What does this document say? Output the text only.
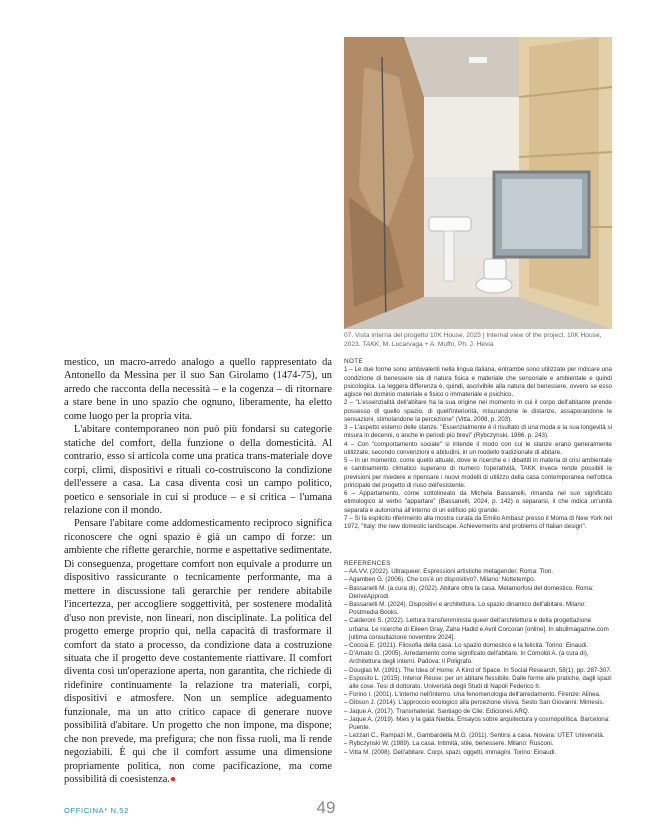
07. Vista interna del progetto 10K House, 2023 | Internal view of the project, 10K House, 2023. TAKK, M. Lucarvaga + A. Muffo, Ph. J. Hevia

mestico, un macro-arredo analogo a quello rappresentato da Antonello da Messina per il suo San Girolamo (1474-75), un arredo che racconta della necessità – e la cogenza – di ritornare a stare bene in uno spazio che ognuno, liberamente, ha eletto come luogo per la propria vita.

L'abitare contemporaneo non può più fondarsi su categorie statiche del comfort, della funzione o della domesticità. Al contrario, esso si articola come una pratica trans-materiale dove corpi, climi, dispositivi e rituali co-costruiscono la condizione dell'essere a casa. La casa diventa così un campo politico, poetico e sensoriale in cui si produce – e si critica – l'umana relazione con il mondo.

Pensare l'abitare come addomesticamento reciproco significa riconoscere che ogni spazio è già un campo di forze: un ambiente che riflette gerarchie, norme e aspettative sedimentate. Di conseguenza, progettare comfort non equivale a produrre un dispositivo rassicurante o tecnicamente performante, ma a mettere in discussione tali gerarchie per rendere abitabile l'incertezza, per accogliere soggettività, per sostenere modalità d'uso non previste, non lineari, non disciplinate. La politica del progetto emerge proprio qui, nella capacità di trasformare il comfort da stato a processo, da condizione data a costruzione situata che il progetto deve costantemente riattivare. Il comfort diventa così un'operazione aperta, non garantita, che richiede di ridefinire continuamente la relazione tra materiali, corpi, dispositivi e atmosfere. Non un semplice adeguamento funzionale, ma un atto critico capace di generare nuove possibilità d'abitare. Un progetto che non impone, ma dispone; che non prevede, ma prefigura; che non fissa ruoli, ma li rende negoziabili. È qui che il comfort assume una dimensione propriamente politica, non come pacificazione, ma come possibilità di coesistenza.●

NOTE

1 – Le due forme sono ambivalenti nella lingua italiana, entrambe sono utilizzate per indicare una condizione di benessere sia di natura fisica e materiale che sensoriale e ambientale e quindi psicologica. La leggera differenza è, quindi, ascrivibile alla natura del benessere, ovvero se esso agisce nel dominio materiale e fisico o immateriale e psichico.

2 – "L'essenzialità dell'abitare ha la sua origine nel momento in cui il corpo dell'abitante prende possesso di quello spazio, di quell'interiorità, misurandone le distanze, assaporandone le sensazioni, stimolandone la percezione" (Vitta, 2008, p. 203).

3 – L'aspetto esterno delle stanze. "Essenzialmente è il risultato di una moda e la sua longevità si misura in decenni, o anche in periodi più brevi" (Rybczynski, 1986, p. 243).

4 – Con "comportamento sociale" si intende il modo con cui le stanze erano generalmente utilizzate, secondo convenzioni e abitudini, in un modello tradizionale di abitare.

5 – In un momento, come quello attuale, dove le ricerche e i dibattiti in materia di crisi ambientale e cambiamento climatico superano di numero l'operatività, TAKK invece rende possibili le previsioni per rivedere e ripensare i nuovi modelli di utilizzo della casa contemporanea nell'ottica principale del progetto di riuso dell'esistente.

6 – Appartamento, come sottolineato da Michela Bassanelli, rimanda nel suo significato etimologico al verbo "appartare" (Bassanelli, 2024, p. 142) o separarsi, il che indica un'unità separata e autonoma all'interno di un edificio più grande.

7 – Si fa esplicito riferimento alla mostra curata da Emilio Ambasz presso il Moma di New York nel 1972, "Italy: the new domestic landscape. Achievements and problems of Italian design".

REFERENCES

– AA.VV. (2022). Ultraqueer. Espressioni artistiche metagender. Roma: Tlon.

– Agamben G. (2006). Che cos'è un dispositivo?. Milano: Nottetempo.

– Bassanelli M. (a cura di), (2022). Abitare oltre la casa. Metamorfosi del domestico. Roma: DeriveApprodi.

– Bassanelli M. (2024). Dispositivi e architettura. Lo spazio dinamico dell'abitare. Milano: Postmedia Books.

– Calderoni S. (2022). Lettura transfemminista queer dell'architettura e della progettazione urbana. Le ricerche di Eileen Gray, Zaha Hadid e Avril Corcoran [online]. In abullmagazine.com [ultima consultazione novembre 2024].

– Coccia E. (2021). Filosofia della casa. Lo spazio domestico e la felicità. Torino: Einaudi.

– D'Amato G. (2005). Arredamento come significato dell'abitare. In Comoldi A. (a cura di), Architettura degli interni. Padova: Il Poligrafo.

– Douglas M. (1991). The Idea of Home: A Kind of Space. In Social Research, 58(1), pp. 287-307.

– Esposito L. (2015). Interior Reuse: per un abitare flessibile. Dalle forme alle pratiche, dagli spazi alle cose. Tesi di dottorato. Università degli Studi di Napoli Federico II.

– Forino I. (2001). L'interno nell'interno. Una fenomenologia dell'arredamento. Firenze: Alinea.

– Gibson J. (2014). L'approccio ecologico alla percezione visiva. Sesto San Giovanni: Mimesis.

– Jaque A. (2017). Transmaterial. Santiago de Cile: Ediciones ARQ.

– Jaque A. (2019). Mies y la gata Niebla. Ensayos sobre arquitectura y cosmopolítica. Barcelona: Puente.

– Lezzari C., Rampazi M., Gambardella M.G. (2011). Sentirsi a casa. Novara: UTET Università.

– Rybczynski W. (1989). La casa. Intimità, stile, benessere. Milano: Rusconi.

– Vitta M. (2008). Dell'abitare. Corpi, spazi, oggetti, immagini. Torino: Einaudi.

OFFICINA* N.52	49
